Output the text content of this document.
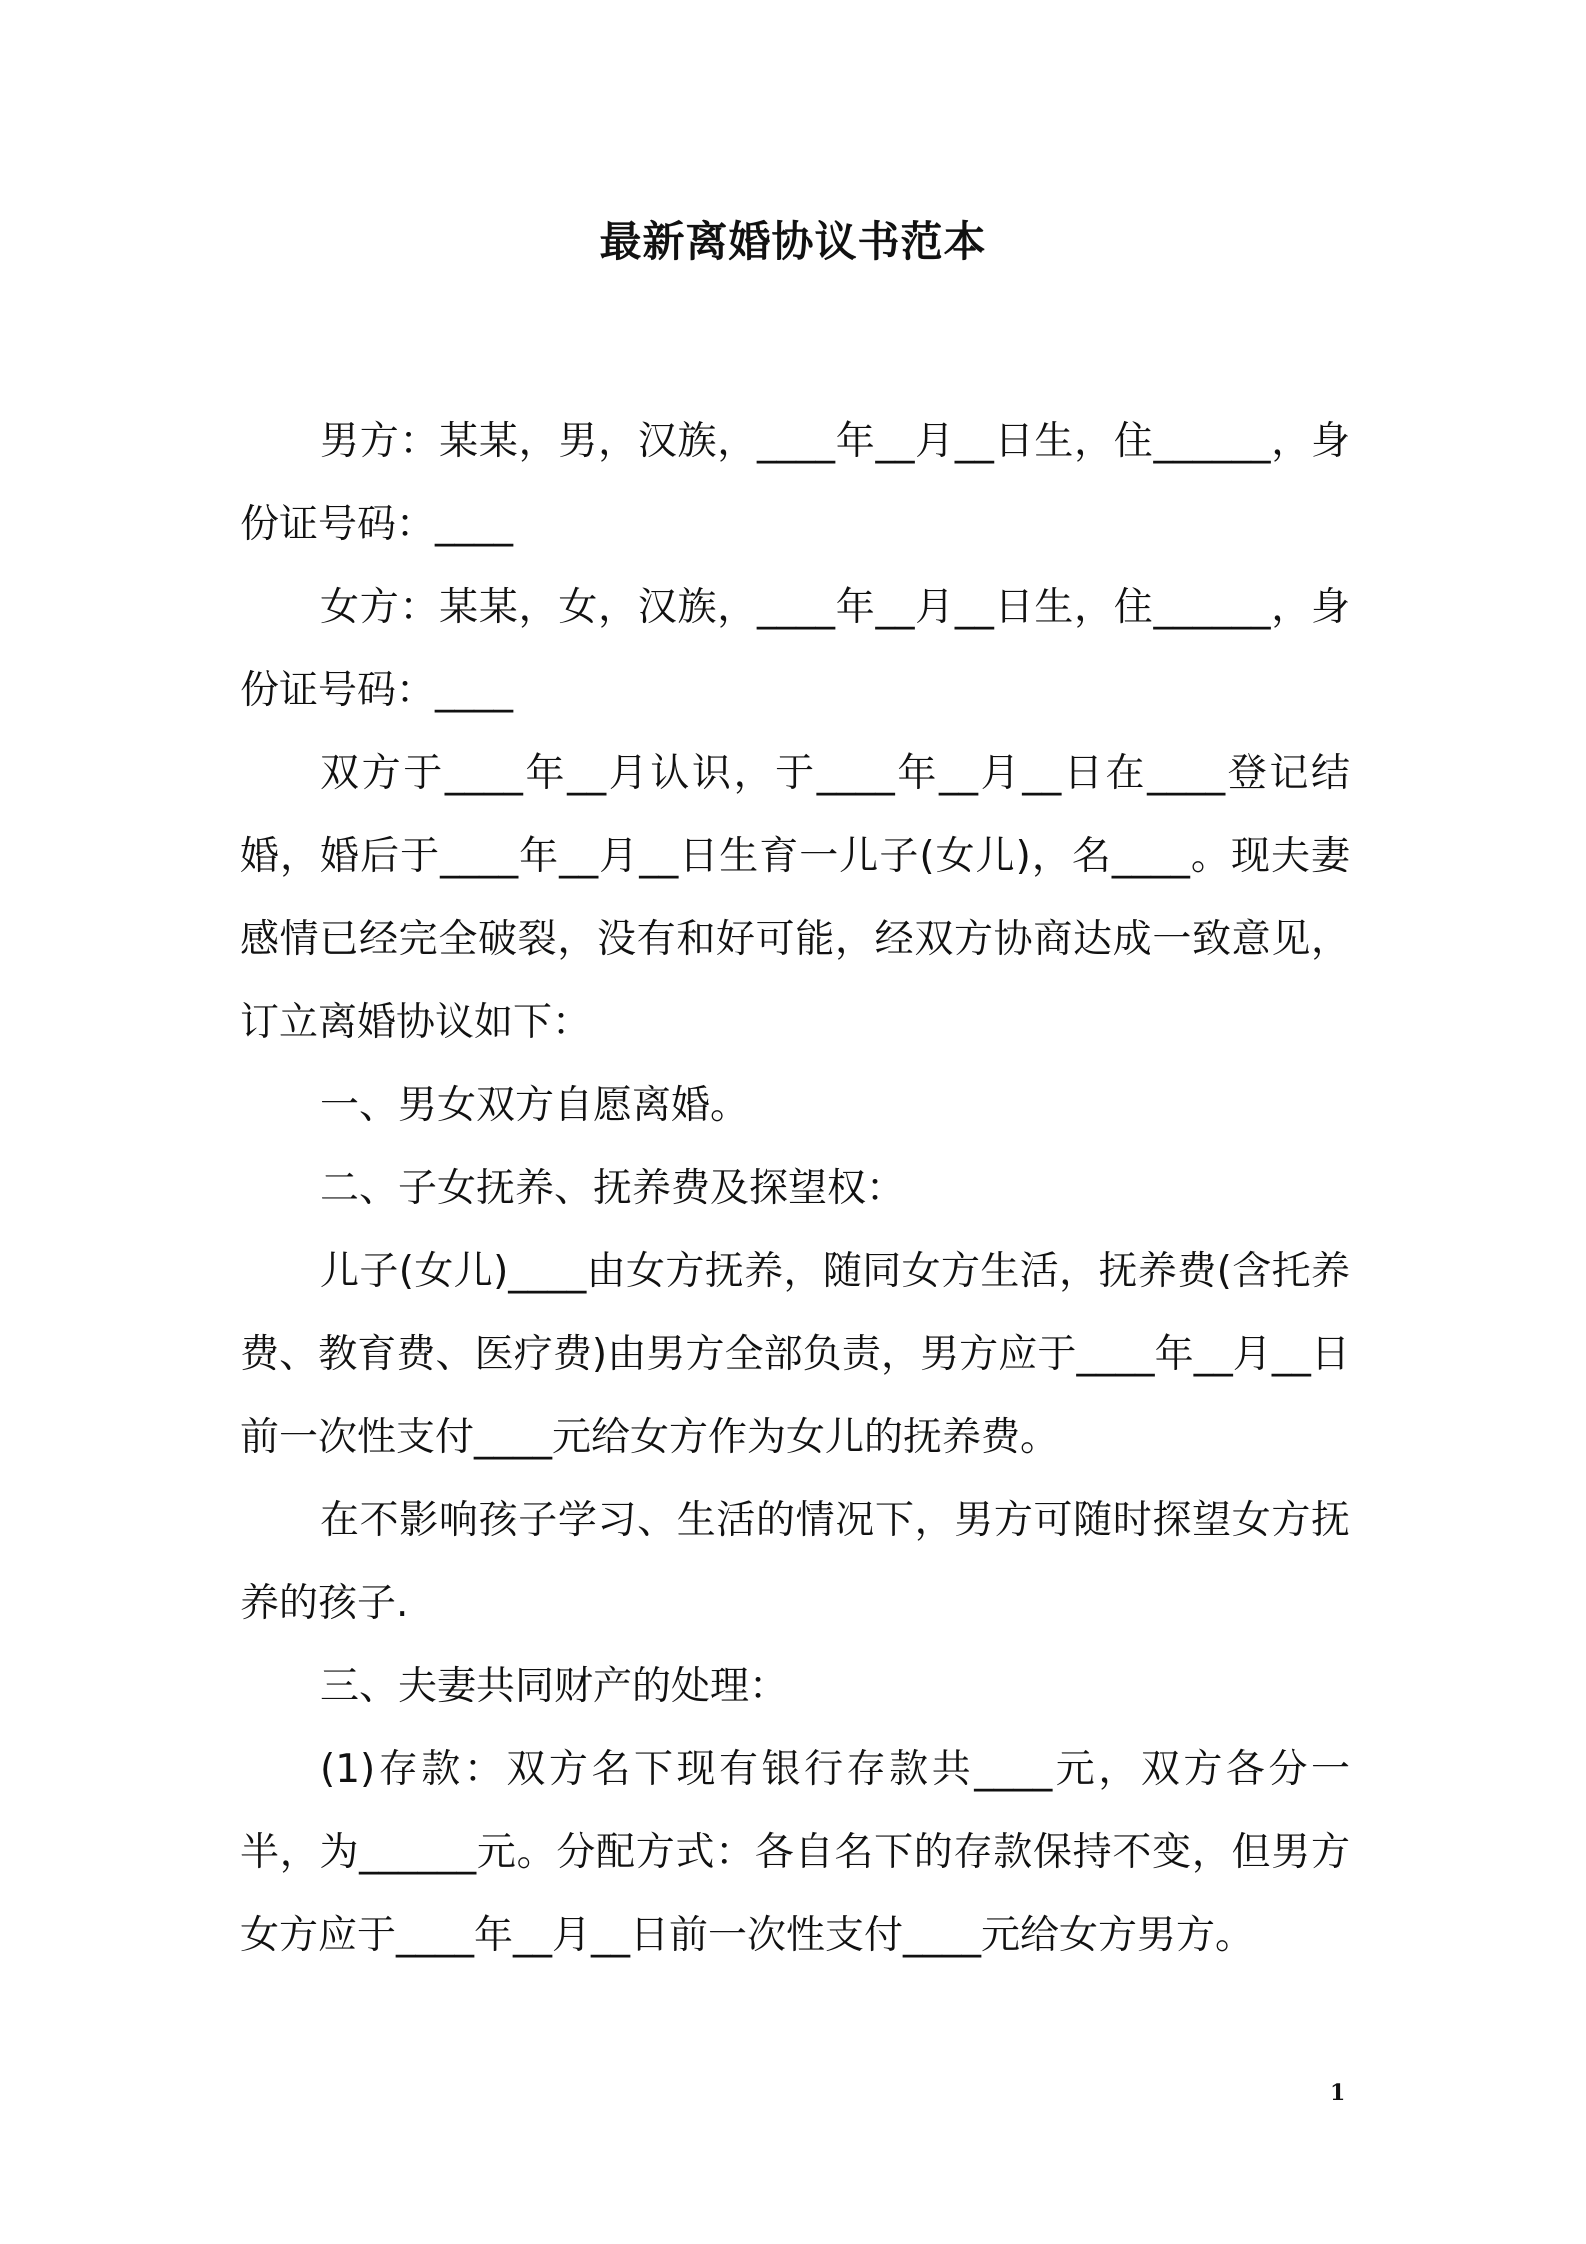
最新离婚协议书范本

男方：某某，男，汉族，____年__月__日生，住______，身份证号码：____

女方：某某，女，汉族，____年__月__日生，住______，身份证号码：____

双方于____年__月认识，于____年__月__日在____登记结婚，婚后于____年__月__日生育一儿子(女儿)，名____。现夫妻感情已经完全破裂，没有和好可能，经双方协商达成一致意见，订立离婚协议如下：

一、男女双方自愿离婚。

二、子女抚养、抚养费及探望权：

儿子(女儿)____由女方抚养，随同女方生活，抚养费(含托养费、教育费、医疗费)由男方全部负责，男方应于____年__月__日前一次性支付____元给女方作为女儿的抚养费。

在不影响孩子学习、生活的情况下，男方可随时探望女方抚养的孩子.

三、夫妻共同财产的处理：

(1)存款：双方名下现有银行存款共____元，双方各分一半，为______元。分配方式：各自名下的存款保持不变，但男方女方应于____年__月__日前一次性支付____元给女方男方。

1
